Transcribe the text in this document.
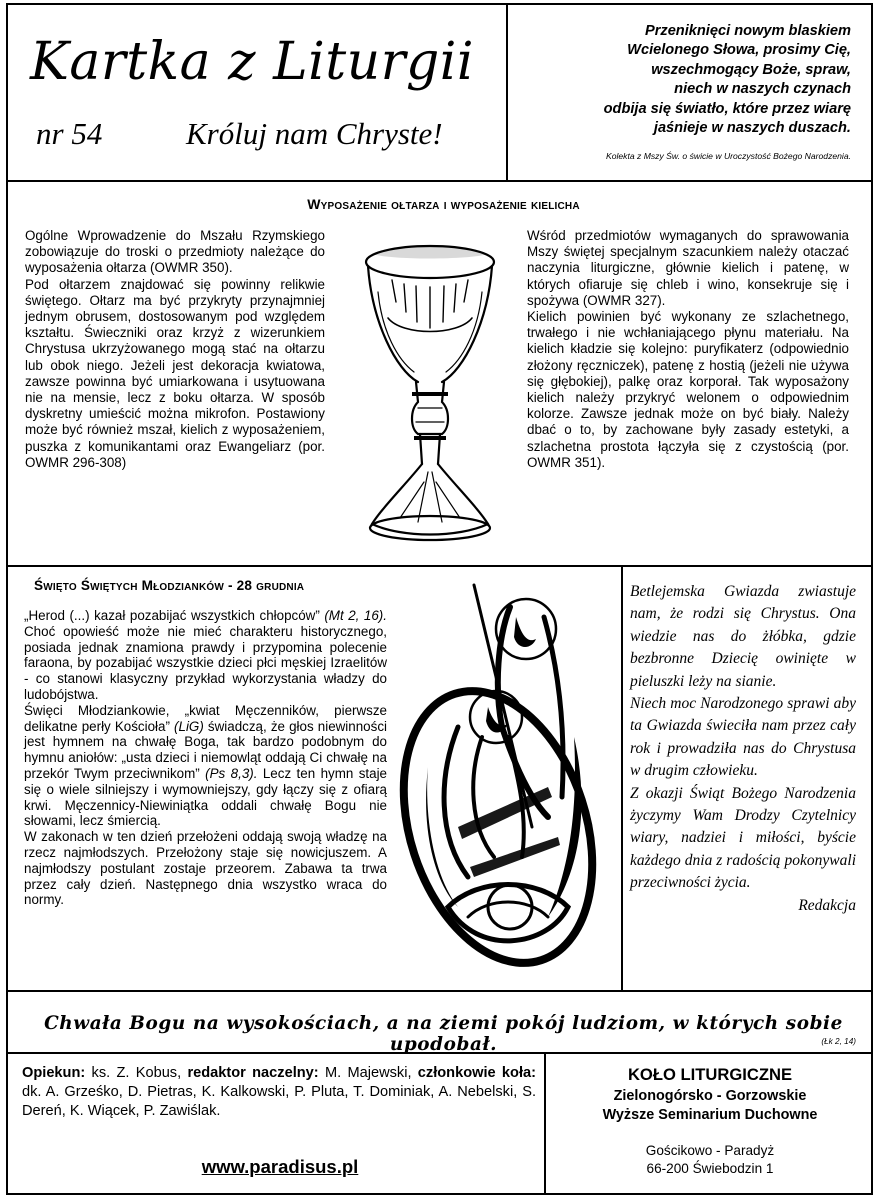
Kartka z Liturgii
nr 54	Króluj nam Chryste!
Przeniknięci nowym blaskiem
Wcielonego Słowa, prosimy Cię,
wszechmogący Boże, spraw,
niech w naszych czynach
odbija się światło, które przez wiarę
jaśnieje w naszych duszach.
Kolekta z Mszy Św. o świcie w Uroczystość Bożego Narodzenia.
Wyposażenie ołtarza i wyposażenie kielicha

Ogólne Wprowadzenie do Mszału Rzymskiego zobowiązuje do troski o przedmioty należące do wyposażenia ołtarza (OWMR 350).

Pod ołtarzem znajdować się powinny relikwie świętego. Ołtarz ma być przykryty przynajmniej jednym obrusem, dostosowanym pod względem kształtu. Świeczniki oraz krzyż z wizerunkiem Chrystusa ukrzyżowanego mogą stać na ołtarzu lub obok niego. Jeżeli jest dekoracja kwiatowa, zawsze powinna być umiarkowana i usytuowana nie na mensie, lecz z boku ołtarza. W sposób dyskretny umieścić można mikrofon. Postawiony może być również mszał, kielich z wyposażeniem, puszka z komunikantami oraz Ewangeliarz (por. OWMR 296-308)

Wśród przedmiotów wymaganych do sprawowania Mszy świętej specjalnym szacunkiem należy otaczać naczynia liturgiczne, głównie kielich i patenę, w których ofiaruje się chleb i wino, konsekruje się i spożywa (OWMR 327).

Kielich powinien być wykonany ze szlachetnego, trwałego i nie wchłaniającego płynu materiału. Na kielich kładzie się kolejno: puryfikaterz (odpowiednio złożony ręczniczek), patenę z hostią (jeżeli nie używa się głębokiej), palkę oraz korporał. Tak wyposażony kielich należy przykryć welonem o odpowiednim kolorze. Zawsze jednak może on być biały. Należy dbać o to, by zachowane były zasady estetyki, a szlachetna prostota łączyła się z czystością (por. OWMR 351).

Święto Świętych Młodzianków - 28 grudnia

„Herod (...) kazał pozabijać wszystkich chłopców” (Mt 2, 16). Choć opowieść może nie mieć charakteru historycznego, posiada jednak znamiona prawdy i przypomina polecenie faraona, by pozabijać wszystkie dzieci płci męskiej Izraelitów - co stanowi klasyczny przykład wykorzystania władzy do ludobójstwa.

Święci Młodziankowie, „kwiat Męczenników, pierwsze delikatne perły Kościoła” (LiG) świadczą, że głos niewinności jest hymnem na chwałę Boga, tak bardzo podobnym do hymnu aniołów: „usta dzieci i niemowląt oddają Ci chwałę na przekór Twym przeciwnikom” (Ps 8,3). Lecz ten hymn staje się o wiele silniejszy i wymowniejszy, gdy łączy się z ofiarą krwi. Męczennicy-Niewiniątka oddali chwałę Bogu nie słowami, lecz śmiercią.

W zakonach w ten dzień przełożeni oddają swoją władzę na rzecz najmłodszych. Przełożony staje się nowicjuszem. A najmłodszy postulant zostaje przeorem. Zabawa ta trwa przez cały dzień. Następnego dnia wszystko wraca do normy.

Betlejemska Gwiazda zwiastuje nam, że rodzi się Chrystus. Ona wiedzie nas do żłóbka, gdzie bezbronne Dziecię owinięte w pieluszki leży na sianie.

Niech moc Narodzonego sprawi aby ta Gwiazda świeciła nam przez cały rok i prowadziła nas do Chrystusa w drugim człowieku.

Z okazji Świąt Bożego Narodzenia życzymy Wam Drodzy Czytelnicy wiary, nadziei i miłości, byście każdego dnia z radością pokonywali przeciwności życia.

Redakcja

Chwała Bogu na wysokościach, a na ziemi pokój ludziom, w których sobie upodobał.	(Łk 2, 14)
Opiekun: ks. Z. Kobus, redaktor naczelny: M. Majewski, członkowie koła: dk. A. Grześko, D. Pietras, K. Kalkowski, P. Pluta, T. Dominiak, A. Nebelski, S. Dereń, K. Wiącek, P. Zawiślak.
www.paradisus.pl
KOŁO LITURGICZNE
Zielonogórsko - Gorzowskie
Wyższe Seminarium Duchowne
Gościkowo - Paradyż
66-200 Świebodzin 1
